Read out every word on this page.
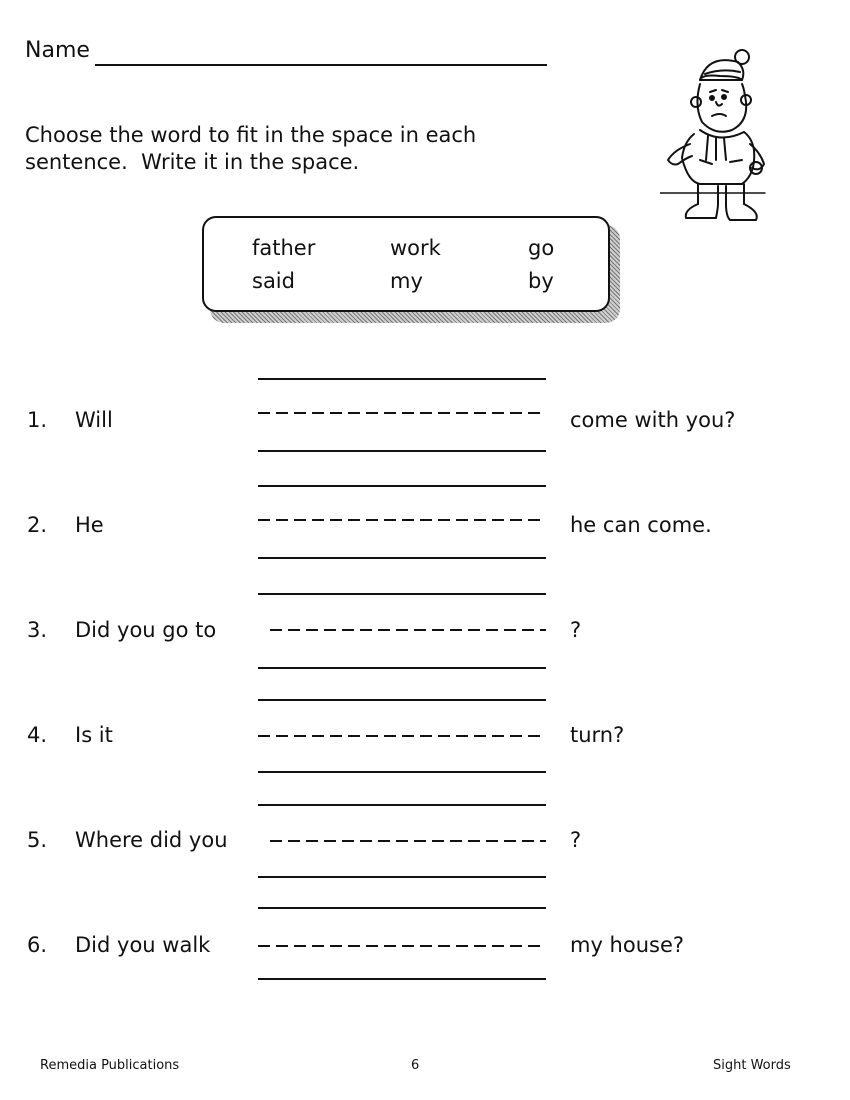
Name
Choose the word to fit in the space in each
sentence.  Write it in the space.
father	work	go
said	my	by
1. Will	come with you?
2. He	he can come.
3. Did you go to	?
4. Is it	turn?
5. Where did you	?
6. Did you walk	my house?
Remedia Publications	6	Sight Words
